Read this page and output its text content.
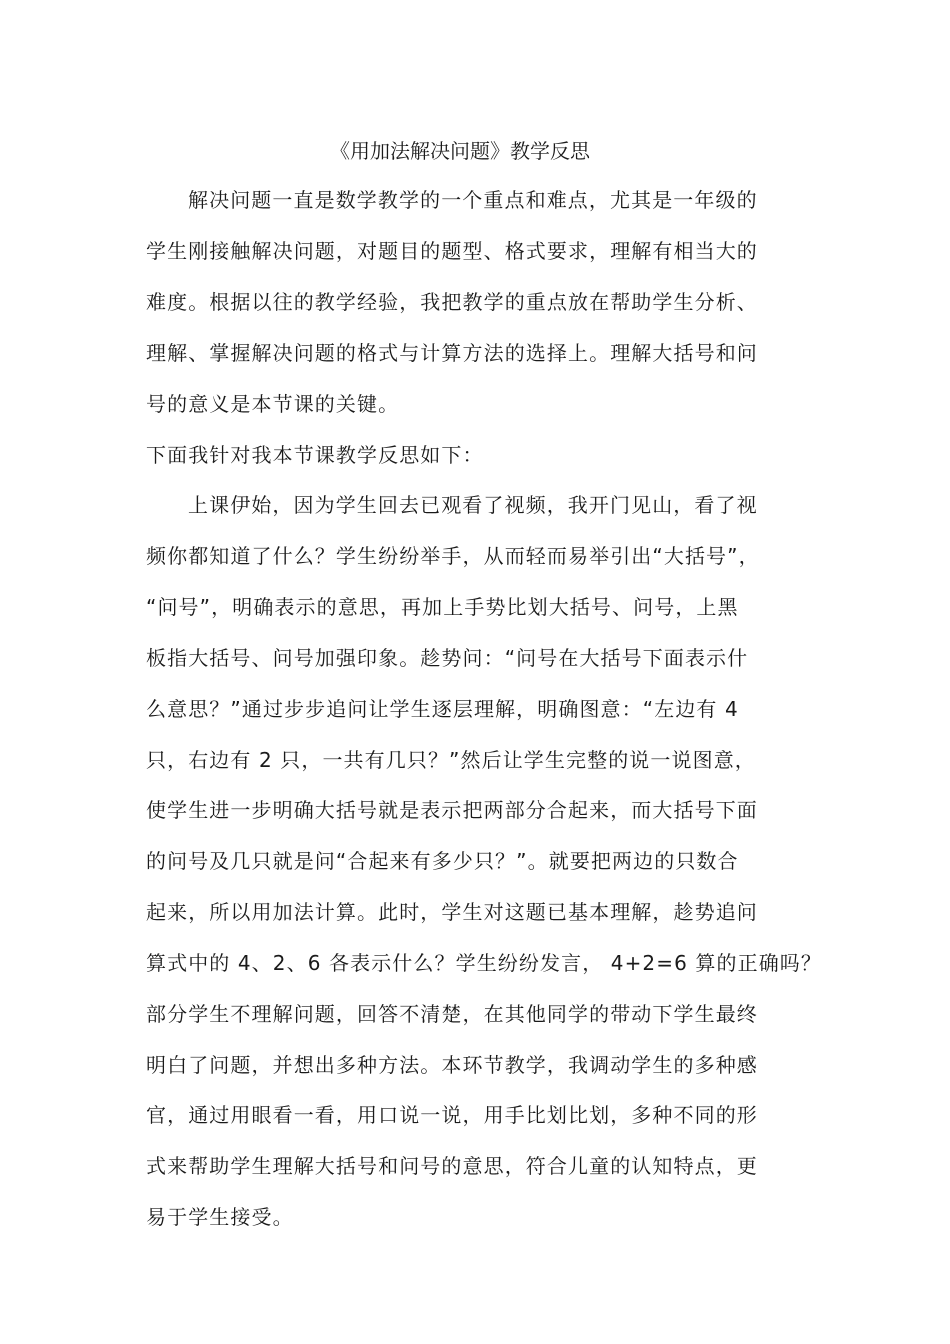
《用加法解决问题》教学反思
解决问题一直是数学教学的一个重点和难点，尤其是一年级的
学生刚接触解决问题，对题目的题型、格式要求，理解有相当大的
难度。根据以往的教学经验，我把教学的重点放在帮助学生分析、
理解、掌握解决问题的格式与计算方法的选择上。理解大括号和问
号的意义是本节课的关键。
下面我针对我本节课教学反思如下：
上课伊始，因为学生回去已观看了视频，我开门见山，看了视
频你都知道了什么？学生纷纷举手，从而轻而易举引出“大括号”，
“问号”，明确表示的意思，再加上手势比划大括号、问号，上黑
板指大括号、问号加强印象。趁势问：“问号在大括号下面表示什
么意思？”通过步步追问让学生逐层理解，明确图意：“左边有 4
只，右边有 2 只，一共有几只？”然后让学生完整的说一说图意，
使学生进一步明确大括号就是表示把两部分合起来，而大括号下面
的问号及几只就是问“合起来有多少只？”。就要把两边的只数合
起来，所以用加法计算。此时，学生对这题已基本理解，趁势追问
算式中的 4、2、6 各表示什么？学生纷纷发言， 4+2=6 算的正确吗？
部分学生不理解问题，回答不清楚，在其他同学的带动下学生最终
明白了问题，并想出多种方法。本环节教学，我调动学生的多种感
官，通过用眼看一看，用口说一说，用手比划比划，多种不同的形
式来帮助学生理解大括号和问号的意思，符合儿童的认知特点，更
易于学生接受。
